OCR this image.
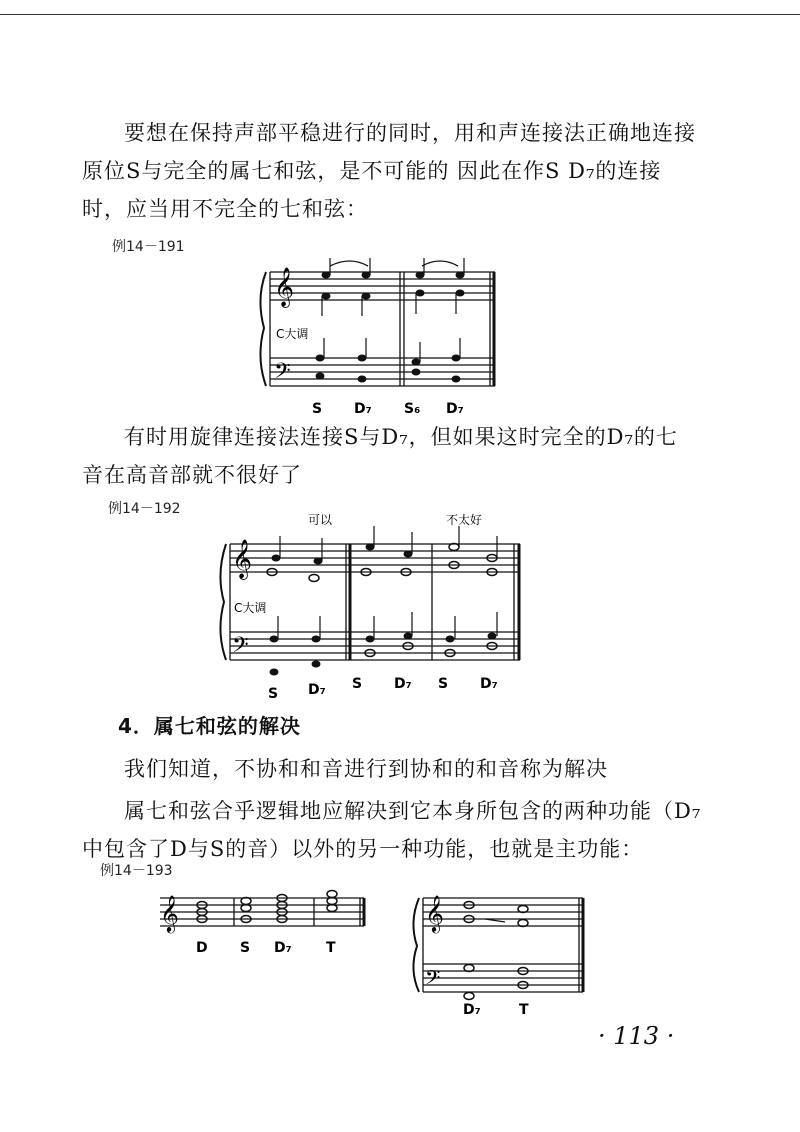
要想在保持声部平稳进行的同时，用和声连接法正确地连接
原位S与完全的属七和弦，是不可能的 因此在作S D₇的连接
时，应当用不完全的七和弦：

例14－191
𝄞
𝄢
C大调
S D₇ S₆ D₇

有时用旋律连接法连接S与D₇，但如果这时完全的D₇的七
音在高音部就不很好了

例14－192
可以	不太好
𝄞
𝄢
C大调
S D₇ S D₇ S D₇
4．属七和弦的解决

我们知道，不协和和音进行到协和的和音称为解决

属七和弦合乎逻辑地应解决到它本身所包含的两种功能（D₇
中包含了D与S的音）以外的另一种功能，也就是主功能：

例14－193
𝄞
D S D₇ T
𝄞
𝄢
D₇	T
· 113 ·
